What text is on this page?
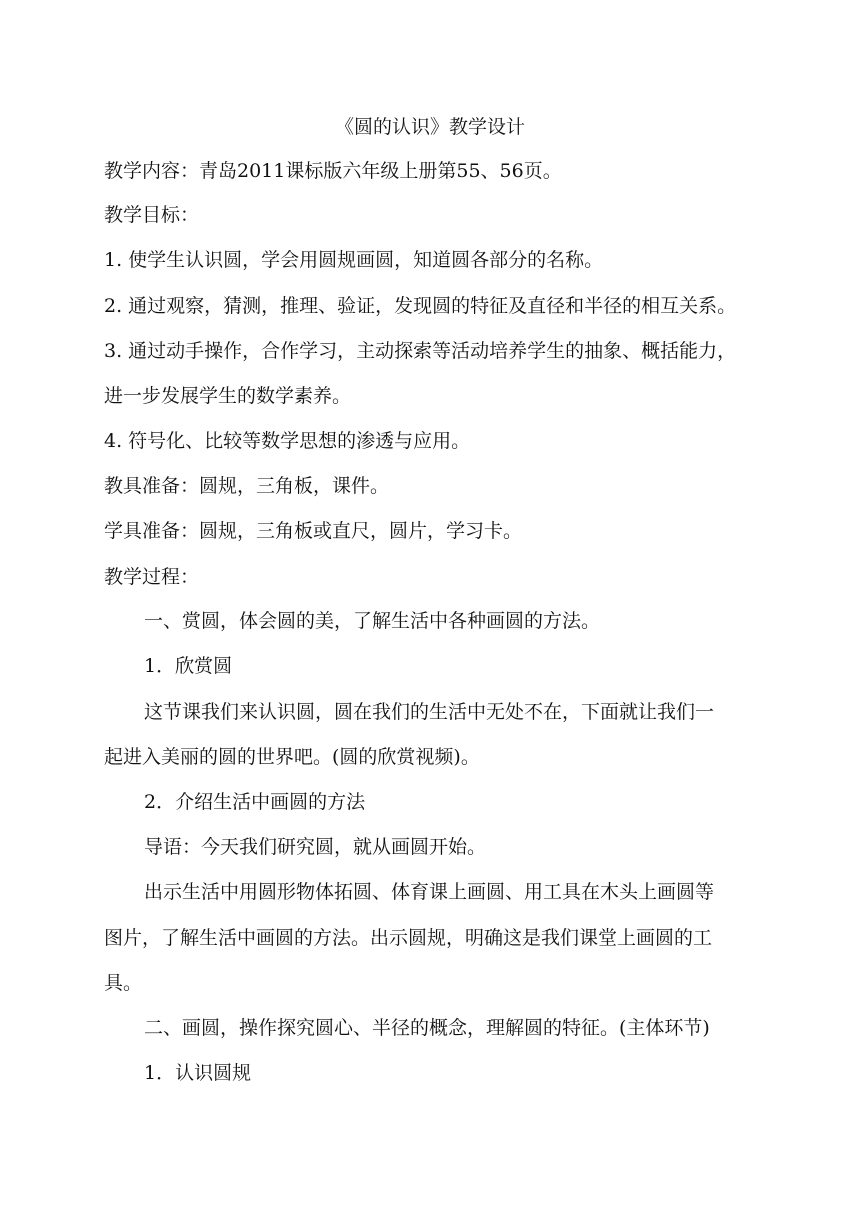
《圆的认识》教学设计
教学内容：青岛2011课标版六年级上册第55、56页。
教学目标：
1. 使学生认识圆，学会用圆规画圆，知道圆各部分的名称。
2. 通过观察，猜测，推理、验证，发现圆的特征及直径和半径的相互关系。
3. 通过动手操作，合作学习，主动探索等活动培养学生的抽象、概括能力，
进一步发展学生的数学素养。
4. 符号化、比较等数学思想的渗透与应用。
教具准备：圆规，三角板，课件。
学具准备：圆规，三角板或直尺，圆片，学习卡。
教学过程：
一、赏圆，体会圆的美，了解生活中各种画圆的方法。
1．欣赏圆
这节课我们来认识圆，圆在我们的生活中无处不在，下面就让我们一
起进入美丽的圆的世界吧。(圆的欣赏视频)。
2．介绍生活中画圆的方法
导语：今天我们研究圆，就从画圆开始。
出示生活中用圆形物体拓圆、体育课上画圆、用工具在木头上画圆等
图片，了解生活中画圆的方法。出示圆规，明确这是我们课堂上画圆的工
具。
二、画圆，操作探究圆心、半径的概念，理解圆的特征。(主体环节)
1．认识圆规
